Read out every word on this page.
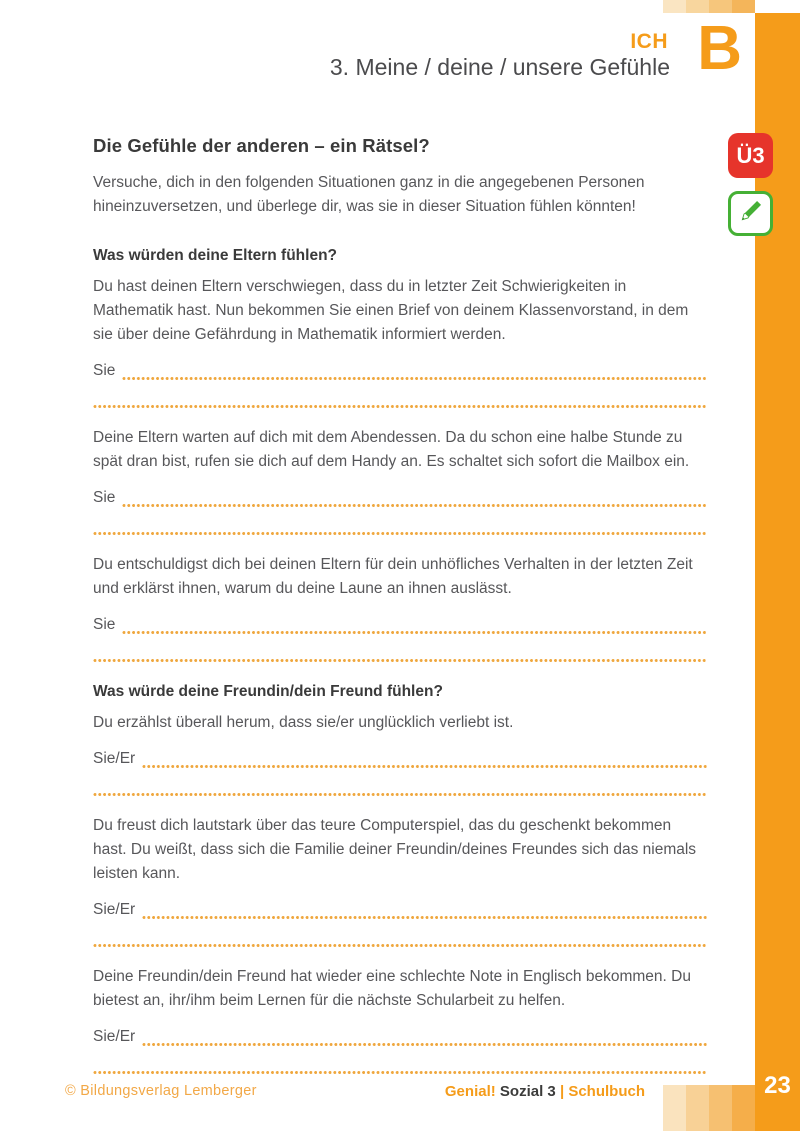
ICH B
3. Meine / deine / unsere Gefühle
Ü3
Die Gefühle der anderen – ein Rätsel?

Versuche, dich in den folgenden Situationen ganz in die angegebenen Personen hineinzuversetzen, und überlege dir, was sie in dieser Situation fühlen könnten!

Was würden deine Eltern fühlen?

Du hast deinen Eltern verschwiegen, dass du in letzter Zeit Schwierigkeiten in Mathematik hast. Nun bekommen Sie einen Brief von deinem Klassenvorstand, in dem sie über deine Gefährdung in Mathematik informiert werden.

Sie

Deine Eltern warten auf dich mit dem Abendessen. Da du schon eine halbe Stunde zu spät dran bist, rufen sie dich auf dem Handy an. Es schaltet sich sofort die Mailbox ein.

Sie

Du entschuldigst dich bei deinen Eltern für dein unhöfliches Verhalten in der letzten Zeit und erklärst ihnen, warum du deine Laune an ihnen auslässt.

Sie
Was würde deine Freundin/dein Freund fühlen?

Du erzählst überall herum, dass sie/er unglücklich verliebt ist.

Sie/Er

Du freust dich lautstark über das teure Computerspiel, das du geschenkt bekommen hast. Du weißt, dass sich die Familie deiner Freundin/deines Freundes sich das niemals leisten kann.

Sie/Er

Deine Freundin/dein Freund hat wieder eine schlechte Note in Englisch bekommen. Du bietest an, ihr/ihm beim Lernen für die nächste Schularbeit zu helfen.

Sie/Er
© Bildungsverlag Lemberger	Genial! Sozial 3 | Schulbuch	23
